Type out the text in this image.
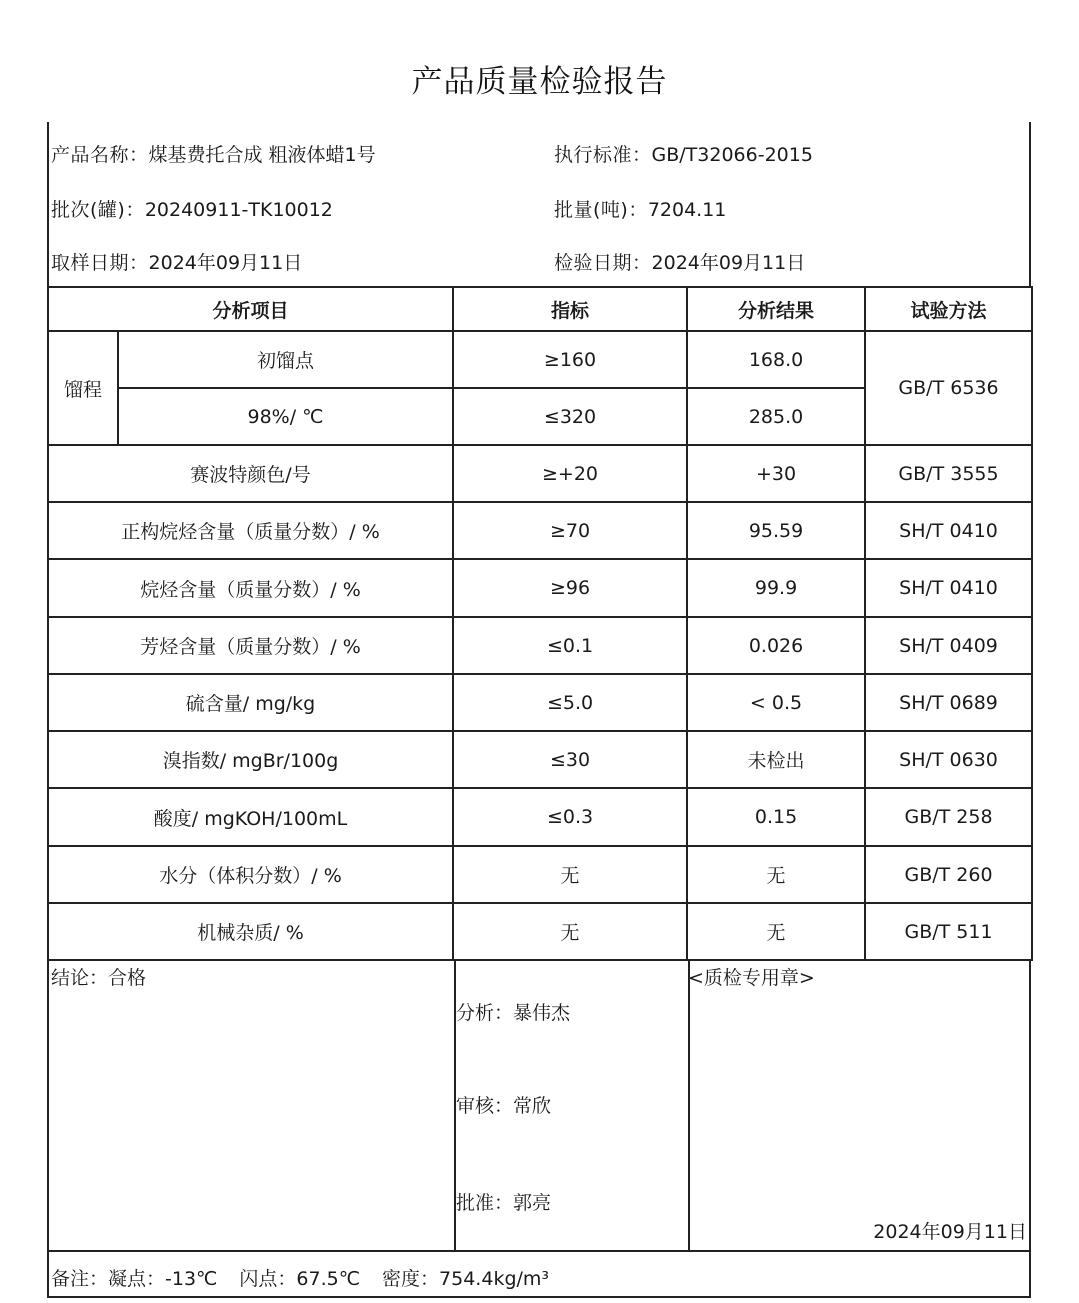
产品质量检验报告
产品名称：煤基费托合成 粗液体蜡1号	执行标准：GB/T32066-2015
批次(罐)：20240911-TK10012	批量(吨)：7204.11
取样日期：2024年09月11日	检验日期：2024年09月11日
分析项目		指标	分析结果	试验方法
馏程	初馏点	≥160	168.0	GB/T 6536
	98%/ ℃	≤320	285.0	
赛波特颜色/号		≥+20	+30	GB/T 3555
正构烷烃含量（质量分数）/ %		≥70	95.59	SH/T 0410
烷烃含量（质量分数）/ %		≥96	99.9	SH/T 0410
芳烃含量（质量分数）/ %		≤0.1	0.026	SH/T 0409
硫含量/ mg/kg		≤5.0	< 0.5	SH/T 0689
溴指数/ mgBr/100g		≤30	未检出	SH/T 0630
酸度/ mgKOH/100mL		≤0.3	0.15	GB/T 258
水分（体积分数）/ %		无	无	GB/T 260
机械杂质/ %		无	无	GB/T 511
结论：合格
分析：暴伟杰
审核：常欣
批准：郭亮
<质检专用章>
2024年09月11日
备注：凝点：-13℃ 闪点：67.5℃ 密度：754.4kg/m³
